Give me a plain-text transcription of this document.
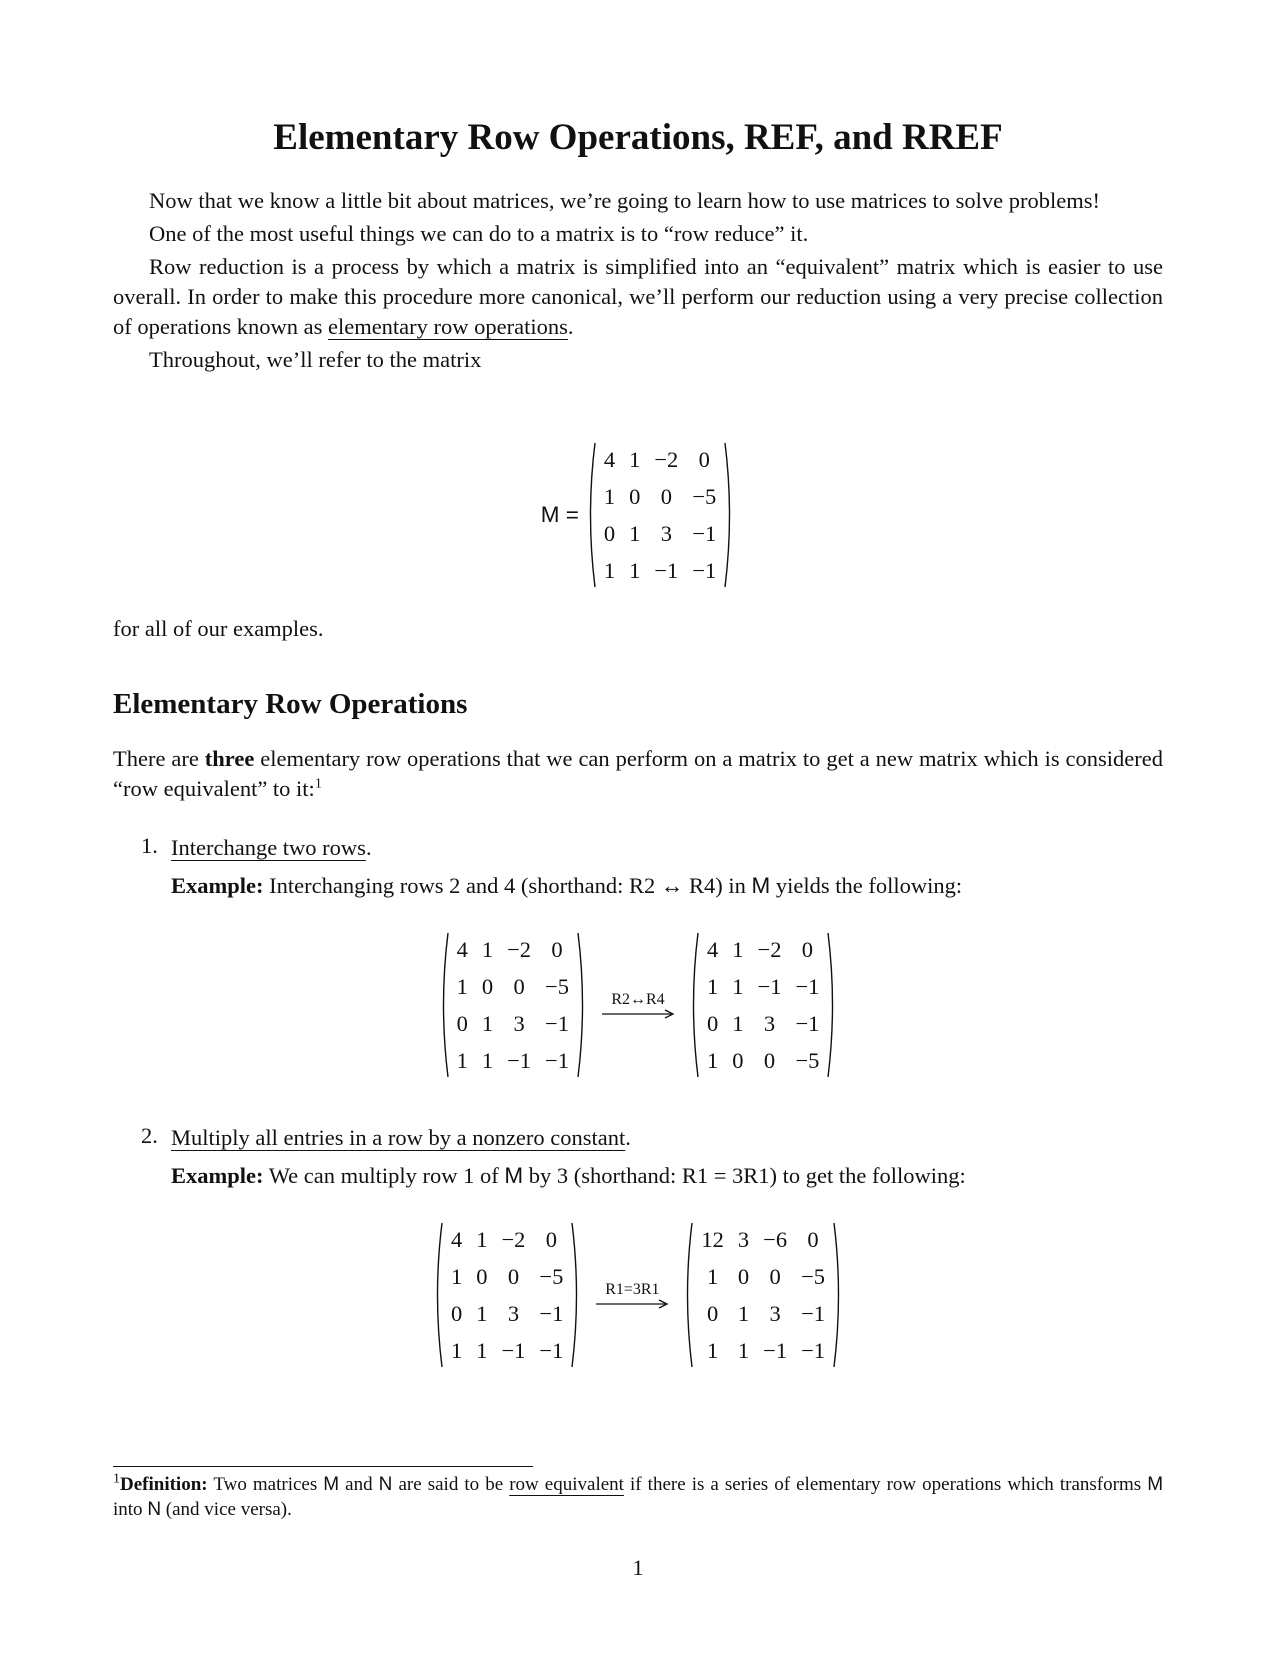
Elementary Row Operations, REF, and RREF

Now that we know a little bit about matrices, we’re going to learn how to use matrices to solve problems!

One of the most useful things we can do to a matrix is to “row reduce” it.

Row reduction is a process by which a matrix is simplified into an “equivalent” matrix which is easier to use overall. In order to make this procedure more canonical, we’ll perform our reduction using a very precise collection of operations known as elementary row operations.

Throughout, we’ll refer to the matrix

M =
4 1 −2 0
1 0 0 −5
0 1 3 −1
1 1 −1 −1

for all of our examples.

Elementary Row Operations

There are three elementary row operations that we can perform on a matrix to get a new matrix which is considered “row equivalent” to it:$^1$

1. Interchange two rows.

Example: Interchanging rows 2 and 4 (shorthand: R2 ↔ R4) in M yields the following:

4 1 −2 0
1 0 0 −5
0 1 3 −1
1 1 −1 −1
R2↔R4
4 1 −2 0
1 1 −1 −1
0 1 3 −1
1 0 0 −5
2. Multiply all entries in a row by a nonzero constant.

Example: We can multiply row 1 of M by 3 (shorthand: R1 = 3R1) to get the following:

4 1 −2 0
1 0 0 −5
0 1 3 −1
1 1 −1 −1
R1=3R1
12 3 −6 0
1 0 0 −5
0 1 3 −1
1 1 −1 −1

$^1$Definition: Two matrices M and N are said to be row equivalent if there is a series of elementary row operations which transforms M into N (and vice versa).

1
